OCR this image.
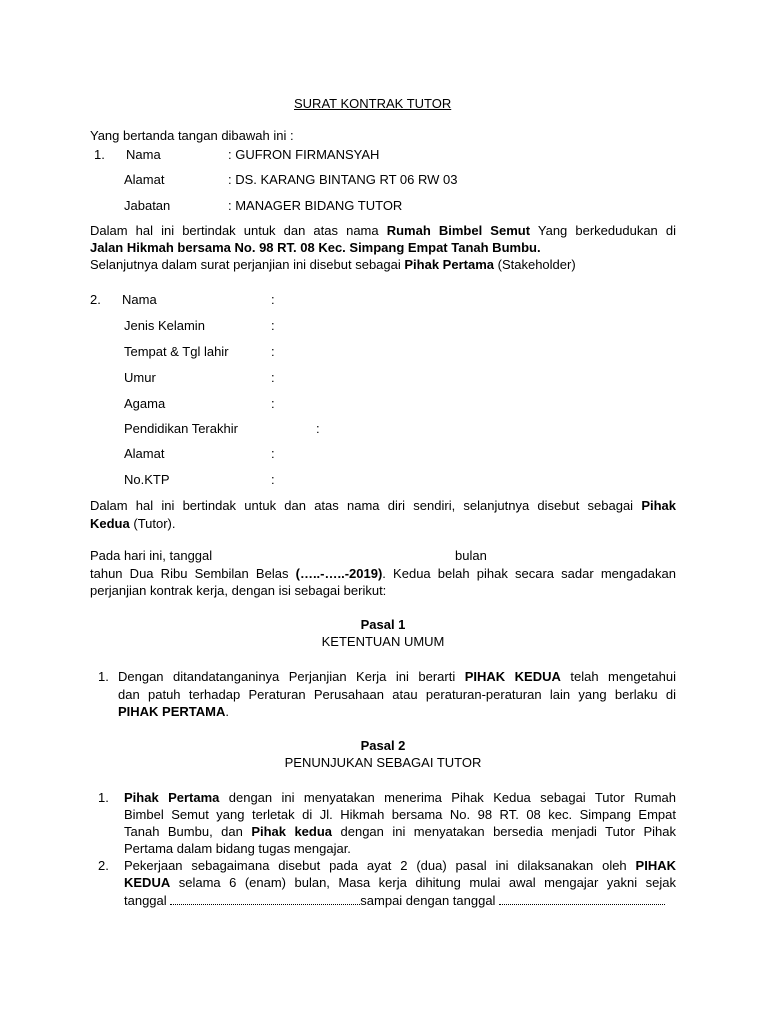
SURAT KONTRAK TUTOR
Yang bertanda tangan dibawah ini :
1. Nama	: GUFRON FIRMANSYAH
Alamat	: DS. KARANG BINTANG RT 06 RW 03
Jabatan	: MANAGER BIDANG TUTOR
Dalam hal ini bertindak untuk dan atas nama Rumah Bimbel Semut Yang berkedudukan di
Jalan Hikmah bersama No. 98 RT. 08 Kec. Simpang Empat Tanah Bumbu.
Selanjutnya dalam surat perjanjian ini disebut sebagai Pihak Pertama (Stakeholder)
2. Nama	:
Jenis Kelamin	:
Tempat & Tgl lahir	:
Umur	:
Agama	:
Pendidikan Terakhir	:
Alamat	:
No.KTP	:
Dalam hal ini bertindak untuk dan atas nama diri sendiri, selanjutnya disebut sebagai Pihak
Kedua (Tutor).
Pada hari ini, tanggal	bulan
tahun Dua Ribu Sembilan Belas (…..-…..-2019). Kedua belah pihak secara sadar mengadakan
perjanjian kontrak kerja, dengan isi sebagai berikut:
Pasal 1
KETENTUAN UMUM
1. Dengan ditandatanganinya Perjanjian Kerja ini berarti PIHAK KEDUA telah mengetahui
dan patuh terhadap Peraturan Perusahaan atau peraturan-peraturan lain yang berlaku di
PIHAK PERTAMA.
Pasal 2
PENUNJUKAN SEBAGAI TUTOR
1. Pihak Pertama dengan ini menyatakan menerima Pihak Kedua sebagai Tutor Rumah
Bimbel Semut yang terletak di Jl. Hikmah bersama No. 98 RT. 08 kec. Simpang Empat
Tanah Bumbu, dan Pihak kedua dengan ini menyatakan bersedia menjadi Tutor Pihak
Pertama dalam bidang tugas mengajar.
2. Pekerjaan sebagaimana disebut pada ayat 2 (dua) pasal ini dilaksanakan oleh PIHAK
KEDUA selama 6 (enam) bulan, Masa kerja dihitung mulai awal mengajar yakni sejak
tanggal	sampai dengan tanggal
